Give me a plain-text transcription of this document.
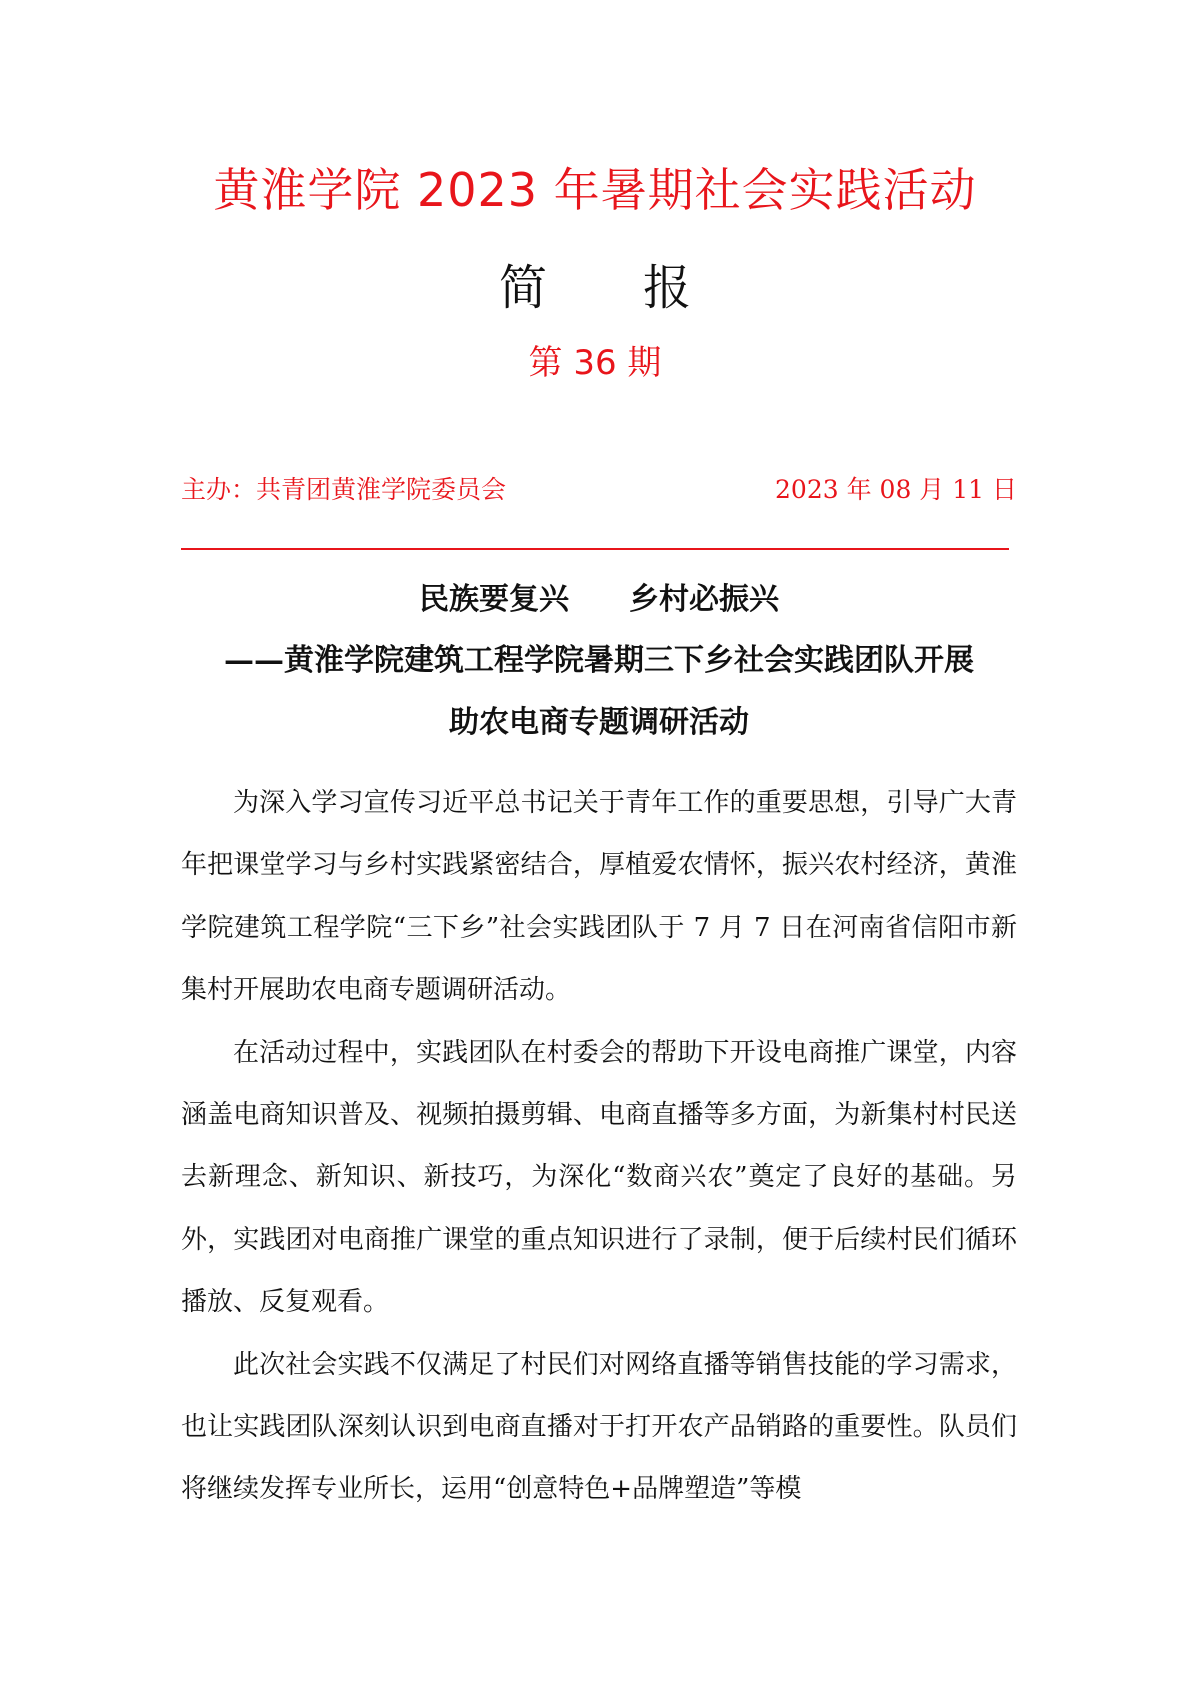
黄淮学院 2023 年暑期社会实践活动
简　　报
第 36 期
主办：共青团黄淮学院委员会	2023 年 08 月 11 日
民族要复兴　　乡村必振兴
——黄淮学院建筑工程学院暑期三下乡社会实践团队开展
助农电商专题调研活动

为深入学习宣传习近平总书记关于青年工作的重要思想，引导广大青年把课堂学习与乡村实践紧密结合，厚植爱农情怀，振兴农村经济，黄淮学院建筑工程学院“三下乡”社会实践团队于 7 月 7 日在河南省信阳市新集村开展助农电商专题调研活动。

在活动过程中，实践团队在村委会的帮助下开设电商推广课堂，内容涵盖电商知识普及、视频拍摄剪辑、电商直播等多方面，为新集村村民送去新理念、新知识、新技巧，为深化“数商兴农”奠定了良好的基础。另外，实践团对电商推广课堂的重点知识进行了录制，便于后续村民们循环播放、反复观看。

此次社会实践不仅满足了村民们对网络直播等销售技能的学习需求，也让实践团队深刻认识到电商直播对于打开农产品销路的重要性。队员们将继续发挥专业所长，运用“创意特色+品牌塑造”等模
